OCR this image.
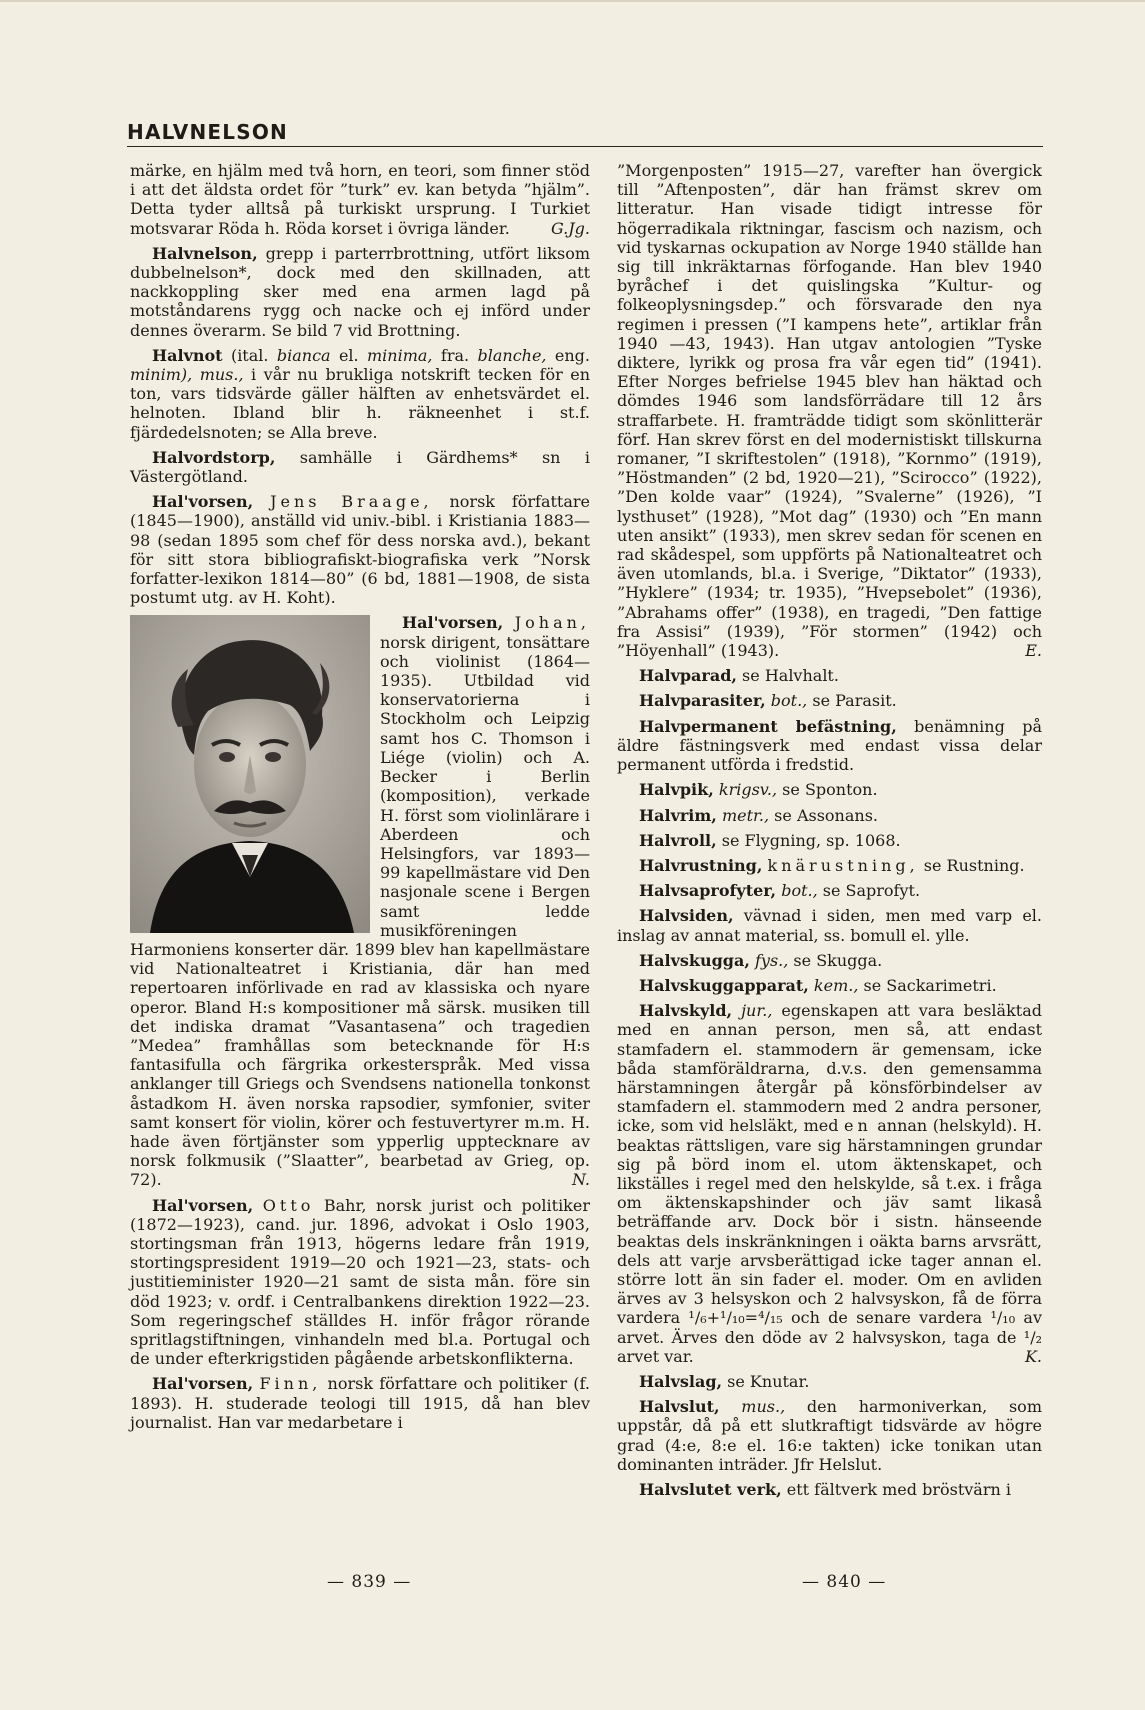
HALVNELSON

märke, en hjälm med två horn, en teori, som finner stöd i att det äldsta ordet för ”turk” ev. kan betyda ”hjälm”. Detta tyder alltså på turkiskt ursprung. I Turkiet motsvarar Röda h. Röda korset i övriga länder.	G.Jg.

Halvnelson, grepp i parterrbrottning, utfört liksom dubbelnelson*, dock med den skillnaden, att nackkoppling sker med ena armen lagd på motståndarens rygg och nacke och ej införd under dennes överarm. Se bild 7 vid Brottning.

Halvnot (ital. bianca el. minima, fra. blanche, eng. minim), mus., i vår nu brukliga notskrift tecken för en ton, vars tidsvärde gäller hälften av enhetsvärdet el. helnoten. Ibland blir h. räkneenhet i st.f. fjärdedelsnoten; se Alla breve.

Halvordstorp, samhälle i Gärdhems* sn i Västergötland.

Hal'vorsen, Jens Braage, norsk författare (1845—1900), anställd vid univ.-bibl. i Kristiania 1883—98 (sedan 1895 som chef för dess norska avd.), bekant för sitt stora bibliografiskt-biografiska verk ”Norsk forfatter-lexikon 1814—80” (6 bd, 1881—1908, de sista postumt utg. av H. Koht).

Hal'vorsen, Johan,
norsk dirigent, tonsättare och violinist (1864—1935). Utbildad vid konservatorierna i Stockholm och Leipzig samt hos C. Thomson i Liége (violin) och A. Becker i Berlin (komposition), verkade H. först som violinlärare i Aberdeen och Helsingfors, var 1893—99 kapellmästare vid Den nasjonale scene i Bergen samt ledde musikföreningen Harmoniens konserter där. 1899 blev han kapellmästare vid Nationalteatret i Kristiania, där han med repertoaren införlivade en rad av klassiska och nyare operor. Bland H:s kompositioner må särsk. musiken till det indiska dramat ”Vasantasena” och tragedien ”Medea” framhållas som betecknande för H:s fantasifulla och färgrika orkesterspråk. Med vissa anklanger till Griegs och Svendsens nationella tonkonst åstadkom H. även norska rapsodier, symfonier, sviter samt konsert för violin, körer och festuvertyrer m.m. H. hade även förtjänster som ypperlig upptecknare av norsk folkmusik (”Slaatter”, bearbetad av Grieg, op. 72).	N.

Hal'vorsen, Otto Bahr, norsk jurist och politiker (1872—1923), cand. jur. 1896, advokat i Oslo 1903, stortingsman från 1913, högerns ledare från 1919, stortingspresident 1919—20 och 1921—23, stats- och justitieminister 1920—21 samt de sista mån. före sin död 1923; v. ordf. i Centralbankens direktion 1922—23. Som regeringschef ställdes H. inför frågor rörande spritlagstiftningen, vinhandeln med bl.a. Portugal och de under efterkrigstiden pågående arbetskonflikterna.

Hal'vorsen, Finn, norsk författare och politiker (f. 1893). H. studerade teologi till 1915, då han blev journalist. Han var medarbetare i

”Morgenposten” 1915—27, varefter han övergick till ”Aftenposten”, där han främst skrev om litteratur. Han visade tidigt intresse för högerradikala riktningar, fascism och nazism, och vid tyskarnas ockupation av Norge 1940 ställde han sig till inkräktarnas förfogande. Han blev 1940 byråchef i det quislingska ”Kultur- og folkeoplysningsdep.” och försvarade den nya regimen i pressen (”I kampens hete”, artiklar från 1940 —43, 1943). Han utgav antologien ”Tyske diktere, lyrikk og prosa fra vår egen tid” (1941). Efter Norges befrielse 1945 blev han häktad och dömdes 1946 som landsförrädare till 12 års straffarbete. H. framträdde tidigt som skönlitterär förf. Han skrev först en del modernistiskt tillskurna romaner, ”I skriftestolen” (1918), ”Kornmo” (1919), ”Höstmanden” (2 bd, 1920—21), ”Scirocco” (1922), ”Den kolde vaar” (1924), ”Svalerne” (1926), ”I lysthuset” (1928), ”Mot dag” (1930) och ”En mann uten ansikt” (1933), men skrev sedan för scenen en rad skådespel, som uppförts på Nationalteatret och även utomlands, bl.a. i Sverige, ”Diktator” (1933), ”Hyklere” (1934; tr. 1935), ”Hvepsebolet” (1936), ”Abrahams offer” (1938), en tragedi, ”Den fattige fra Assisi” (1939), ”För stormen” (1942) och ”Höyenhall” (1943).	E.

Halvparad, se Halvhalt.

Halvparasiter, bot., se Parasit.

Halvpermanent befästning, benämning på äldre fästningsverk med endast vissa delar permanent utförda i fredstid.

Halvpik, krigsv., se Sponton.

Halvrim, metr., se Assonans.

Halvroll, se Flygning, sp. 1068.

Halvrustning, knärustning, se Rustning.

Halvsaprofyter, bot., se Saprofyt.

Halvsiden, vävnad i siden, men med varp el. inslag av annat material, ss. bomull el. ylle.

Halvskugga, fys., se Skugga.

Halvskuggapparat, kem., se Sackarimetri.

Halvskyld, jur., egenskapen att vara besläktad med en annan person, men så, att endast stamfadern el. stammodern är gemensam, icke båda stamföräldrarna, d.v.s. den gemensamma härstamningen återgår på könsförbindelser av stamfadern el. stammodern med 2 andra personer, icke, som vid helsläkt, med en annan (helskyld). H. beaktas rättsligen, vare sig härstamningen grundar sig på börd inom el. utom äktenskapet, och likställes i regel med den helskylde, så t.ex. i fråga om äktenskapshinder och jäv samt likaså beträffande arv. Dock bör i sistn. hänseende beaktas dels inskränkningen i oäkta barns arvsrätt, dels att varje arvsberättigad icke tager annan el. större lott än sin fader el. moder. Om en avliden ärves av 3 helsyskon och 2 halvsyskon, få de förra vardera ¹/₆+¹/₁₀=⁴/₁₅ och de senare vardera ¹/₁₀ av arvet. Ärves den döde av 2 halvsyskon, taga de ¹/₂ arvet var.	K.

Halvslag, se Knutar.

Halvslut, mus., den harmoniverkan, som uppstår, då på ett slutkraftigt tidsvärde av högre grad (4:e, 8:e el. 16:e takten) icke tonikan utan dominanten inträder. Jfr Helslut.

Halvslutet verk, ett fältverk med bröstvärn i

— 839 —	— 840 —
